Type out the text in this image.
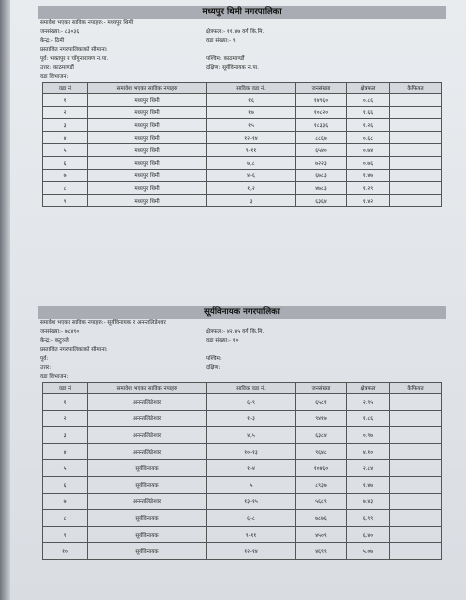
मध्यपुर थिमी नगरपालिका
समावेश भएका साविक नपाहरु:- मध्यपुर थिमी
जनसंख्या:- ८३०३६	क्षेत्रफल:- ११.४७ वर्ग कि.मि.
केन्द्र:- ठिमी	वडा संख्या:- ९
प्रस्तावित नगरपालिकाको सीमाना:
पूर्व: भक्तपुर र चाँगुनारायण न.पा.	पश्चिम: काठमाण्डौं
उत्तर: काठमाण्डौं	दक्षिण: सूर्यविनायक न.पा.
वडा विभाजन:
वडा नं	समावेश भएका साविक नपाहरु	साविक वडा नं.	जनसंख्या	क्षेत्रफल	कैफियत
१	मध्यपुर थिमी	१६	१४९६०	०.८६	
२	मध्यपुर थिमी	१७	१०८२०	१.६६	
३	मध्यपुर थिमी	१५	१८३३६	१.२६	
४	मध्यपुर थिमी	१२-१४	८८६७	०.६८	
५	मध्यपुर थिमी	९-११	६५४०	०.७४	
६	मध्यपुर थिमी	७,८	७२२३	०.७६	
७	मध्यपुर थिमी	४-६	६७८३	१.४७	
८	मध्यपुर थिमी	१,२	४७८३	१.२९	
९	मध्यपुर थिमी	३	६३६४	१.४२	
सूर्यविनायक नगरपालिका
समावेश भएका साविक नपाहरु:- सूर्यविनायक र अनन्तलिङेश्वर
जनसंख्या:- ७८४९०	क्षेत्रफल:- ४२.४५ वर्ग कि.मि.
केन्द्र:- कटुञ्जे	वडा संख्या:- १०
प्रस्तावित नगरपालिकाको सीमाना:
पूर्व:	पश्चिम:
उत्तर:	दक्षिण:
वडा विभाजन:
वडा नं	समावेश भएका साविक नपाहरु	साविक वडा नं.	जनसंख्या	क्षेत्रफल	कैफियत
१	अनन्तलिङेश्वर	६-९	६५८१	२.९५	
२	अनन्तलिङेश्वर	१-३	९४१७	१.८६	
३	अनन्तलिङेश्वर	४,५	६३८४	०.९७	
४	अनन्तलिङेश्वर	१०-१३	९६४८	४.१०	
५	सूर्यविनायक	१-४	१०४६०	२.८४	
६	सूर्यविनायक	५	८९३७	१.४७	
७	अनन्तलिङेश्वर	१३-१५	५६८९	७.४३	
८	सूर्यविनायक	६-८	७८७६	६.९९	
९	सूर्यविनायक	९-११	४५०९	६.४०	
१०	सूर्यविनायक	१२-१४	४६९९	५.०७	
